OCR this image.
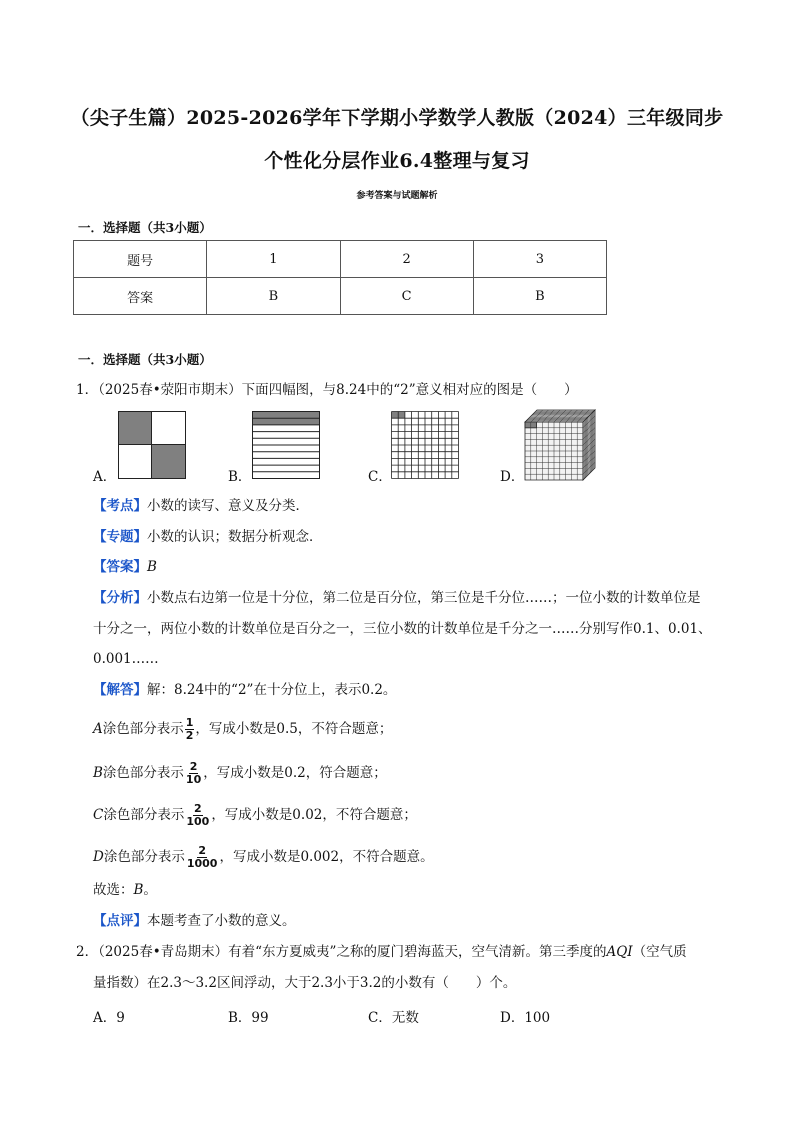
（尖子生篇）2025-2026学年下学期小学数学人教版（2024）三年级同步
个性化分层作业6.4整理与复习
参考答案与试题解析
一．选择题（共3小题）
题号	1	2	3
答案	B	C	B
一．选择题（共3小题）
1．（2025春•荥阳市期末）下面四幅图，与8.24中的“2”意义相对应的图是（　　）
A．	B．	C．	D．
【考点】小数的读写、意义及分类．
【专题】小数的认识；数据分析观念．
【答案】B
【分析】小数点右边第一位是十分位，第二位是百分位，第三位是千分位……；一位小数的计数单位是
十分之一，两位小数的计数单位是百分之一，三位小数的计数单位是千分之一……分别写作0.1、0.01、
0.001……
【解答】解：8.24中的“2”在十分位上，表示0.2。
A涂色部分表示 $\frac{1}{2}$ ，写成小数是0.5，不符合题意；
B涂色部分表示 $\frac{2}{10}$ ，写成小数是0.2，符合题意；
C涂色部分表示 $\frac{2}{100}$ ，写成小数是0.02，不符合题意；
D涂色部分表示 $\frac{2}{1000}$ ，写成小数是0.002，不符合题意。
故选：B。
【点评】本题考查了小数的意义。
2．（2025春•青岛期末）有着“东方夏威夷”之称的厦门碧海蓝天，空气清新。第三季度的AQI（空气质
量指数）在2.3～3.2区间浮动，大于2.3小于3.2的小数有（　　）个。
A．9	B．99	C．无数	D．100
